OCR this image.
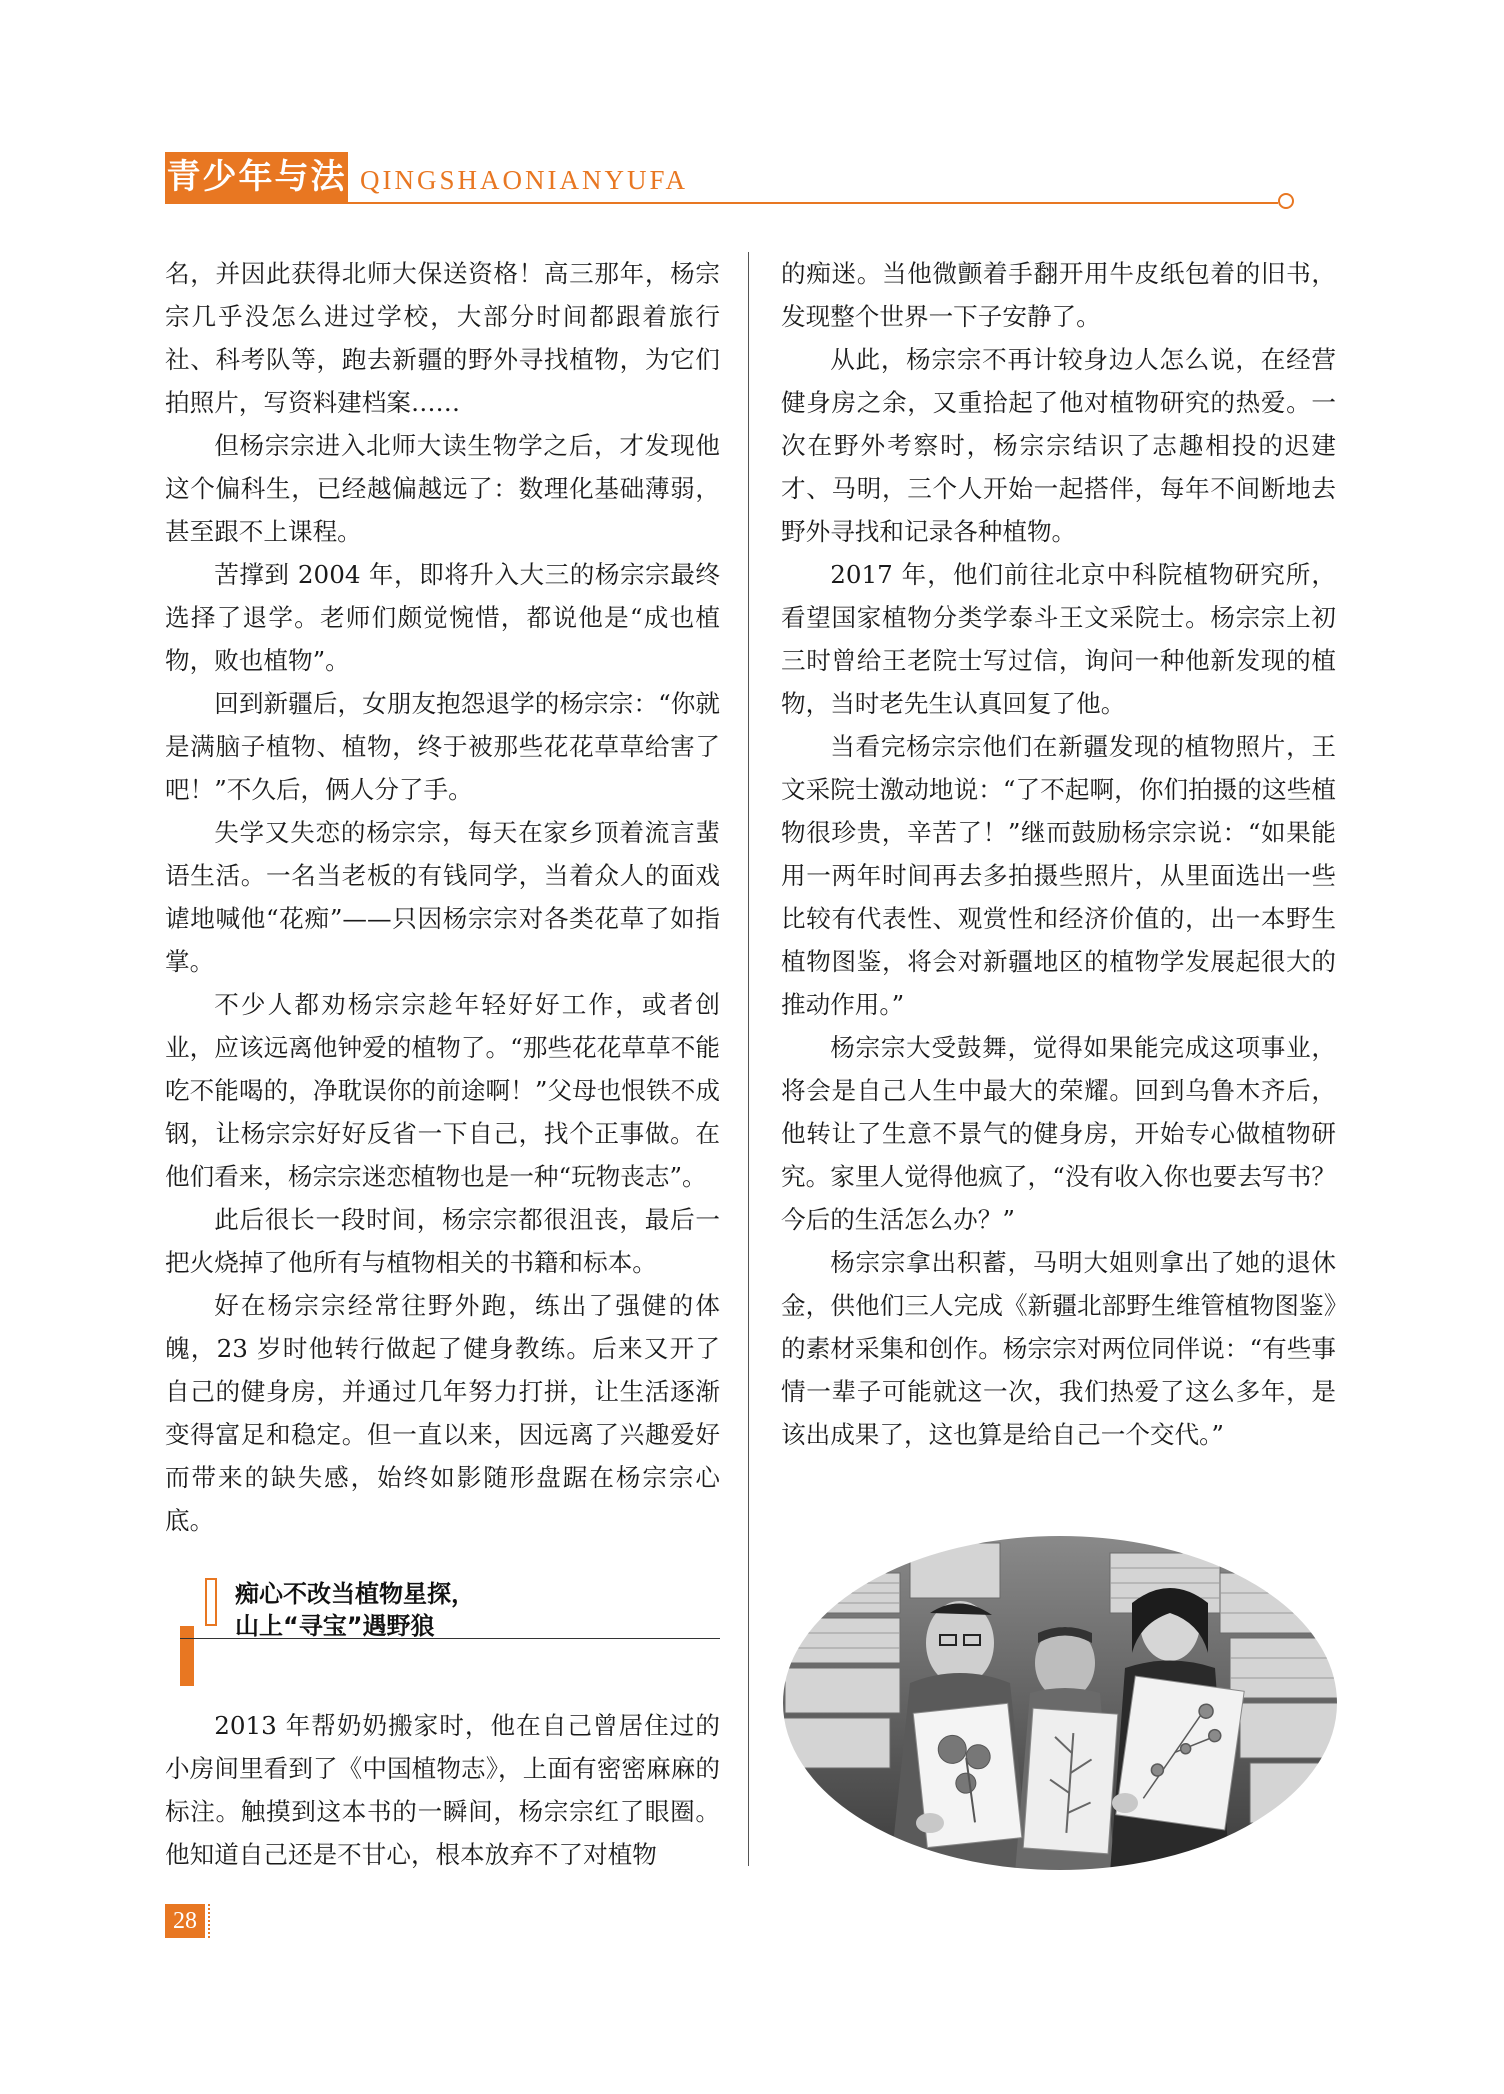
青少年与法 QINGSHAONIANYUFA

名，并因此获得北师大保送资格！高三那年，杨宗宗几乎没怎么进过学校，大部分时间都跟着旅行社、科考队等，跑去新疆的野外寻找植物，为它们拍照片，写资料建档案……

但杨宗宗进入北师大读生物学之后，才发现他这个偏科生，已经越偏越远了：数理化基础薄弱，甚至跟不上课程。

苦撑到 2004 年，即将升入大三的杨宗宗最终选择了退学。老师们颇觉惋惜，都说他是“成也植物，败也植物”。

回到新疆后，女朋友抱怨退学的杨宗宗：“你就是满脑子植物、植物，终于被那些花花草草给害了吧！”不久后，俩人分了手。

失学又失恋的杨宗宗，每天在家乡顶着流言蜚语生活。一名当老板的有钱同学，当着众人的面戏谑地喊他“花痴”——只因杨宗宗对各类花草了如指掌。

不少人都劝杨宗宗趁年轻好好工作，或者创业，应该远离他钟爱的植物了。“那些花花草草不能吃不能喝的，净耽误你的前途啊！”父母也恨铁不成钢，让杨宗宗好好反省一下自己，找个正事做。在他们看来，杨宗宗迷恋植物也是一种“玩物丧志”。

此后很长一段时间，杨宗宗都很沮丧，最后一把火烧掉了他所有与植物相关的书籍和标本。

好在杨宗宗经常往野外跑，练出了强健的体魄，23 岁时他转行做起了健身教练。后来又开了自己的健身房，并通过几年努力打拼，让生活逐渐变得富足和稳定。但一直以来，因远离了兴趣爱好而带来的缺失感，始终如影随形盘踞在杨宗宗心底。

痴心不改当植物星探，
山上“寻宝”遇野狼

2013 年帮奶奶搬家时，他在自己曾居住过的小房间里看到了《中国植物志》，上面有密密麻麻的标注。触摸到这本书的一瞬间，杨宗宗红了眼圈。他知道自己还是不甘心，根本放弃不了对植物

的痴迷。当他微颤着手翻开用牛皮纸包着的旧书，发现整个世界一下子安静了。

从此，杨宗宗不再计较身边人怎么说，在经营健身房之余，又重拾起了他对植物研究的热爱。一次在野外考察时，杨宗宗结识了志趣相投的迟建才、马明，三个人开始一起搭伴，每年不间断地去野外寻找和记录各种植物。

2017 年，他们前往北京中科院植物研究所，看望国家植物分类学泰斗王文采院士。杨宗宗上初三时曾给王老院士写过信，询问一种他新发现的植物，当时老先生认真回复了他。

当看完杨宗宗他们在新疆发现的植物照片，王文采院士激动地说：“了不起啊，你们拍摄的这些植物很珍贵，辛苦了！”继而鼓励杨宗宗说：“如果能用一两年时间再去多拍摄些照片，从里面选出一些比较有代表性、观赏性和经济价值的，出一本野生植物图鉴，将会对新疆地区的植物学发展起很大的推动作用。”

杨宗宗大受鼓舞，觉得如果能完成这项事业，将会是自己人生中最大的荣耀。回到乌鲁木齐后，他转让了生意不景气的健身房，开始专心做植物研究。家里人觉得他疯了，“没有收入你也要去写书？今后的生活怎么办？”

杨宗宗拿出积蓄，马明大姐则拿出了她的退休金，供他们三人完成《新疆北部野生维管植物图鉴》的素材采集和创作。杨宗宗对两位同伴说：“有些事情一辈子可能就这一次，我们热爱了这么多年，是该出成果了，这也算是给自己一个交代。”

28
